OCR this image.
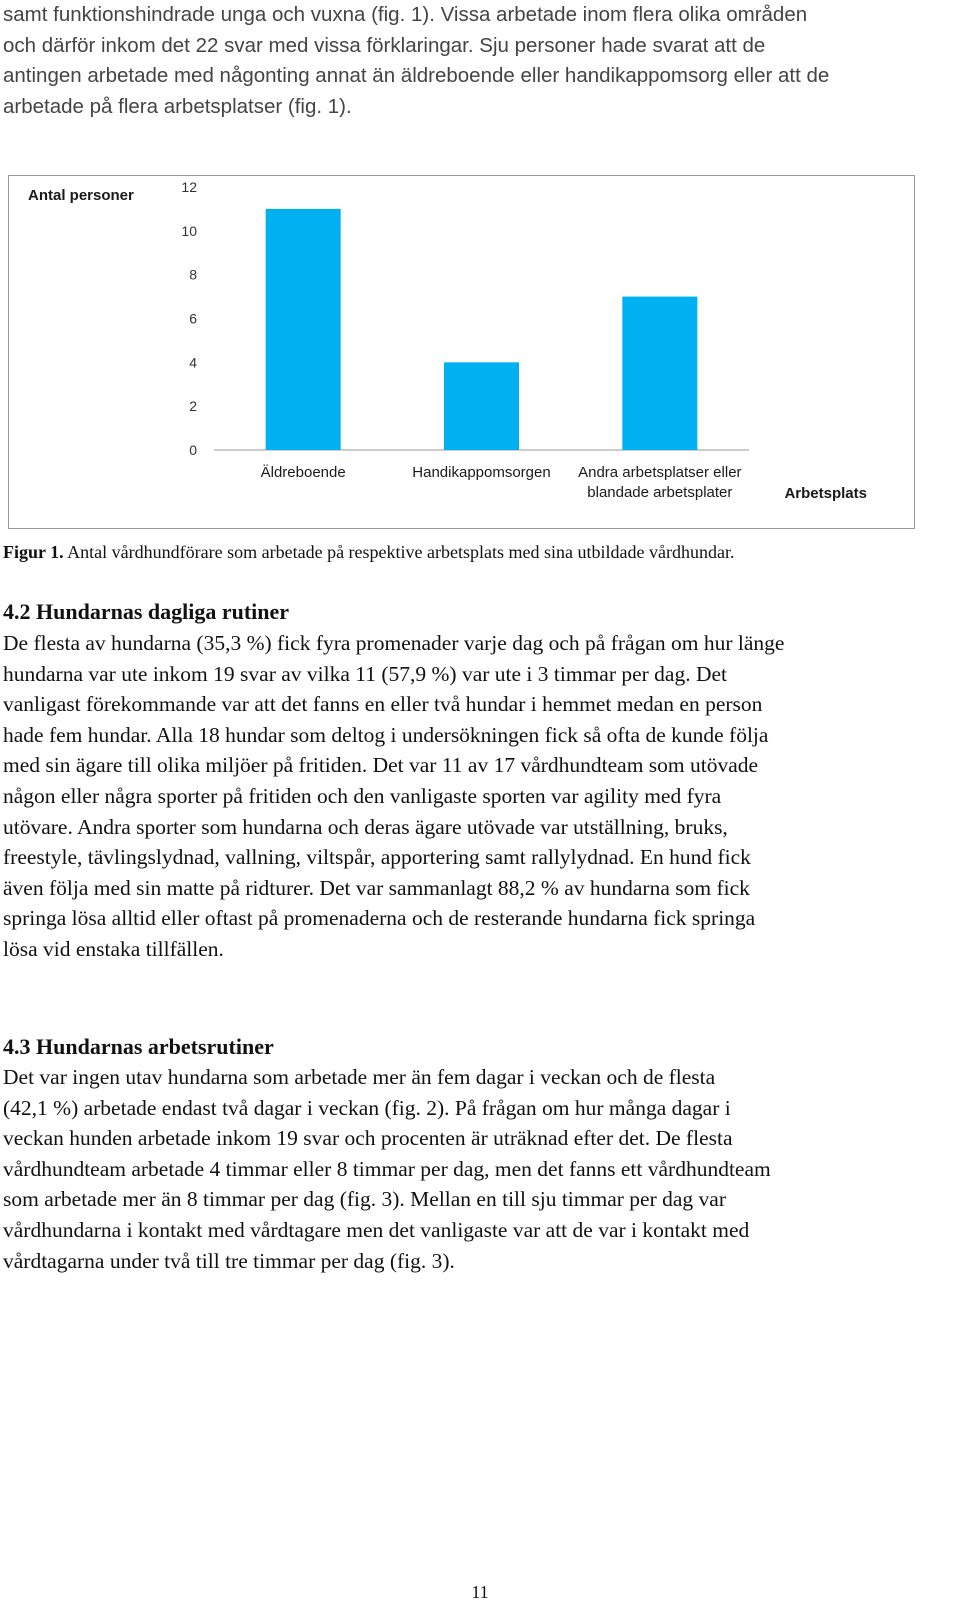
samt funktionshindrade unga och vuxna (fig. 1). Vissa arbetade inom flera olika områden
och därför inkom det 22 svar med vissa förklaringar. Sju personer hade svarat att de
antingen arbetade med någonting annat än äldreboende eller handikappomsorg eller att de
arbetade på flera arbetsplatser (fig. 1).
Antal personer
0
2
4
6
8
10
12
Äldreboende	Handikappomsorgen Andra arbetsplatser eller
blandade arbetsplater	Arbetsplats
Figur 1. Antal vårdhundförare som arbetade på respektive arbetsplats med sina utbildade vårdhundar.
4.2 Hundarnas dagliga rutiner
De flesta av hundarna (35,3 %) fick fyra promenader varje dag och på frågan om hur länge
hundarna var ute inkom 19 svar av vilka 11 (57,9 %) var ute i 3 timmar per dag. Det
vanligast förekommande var att det fanns en eller två hundar i hemmet medan en person
hade fem hundar. Alla 18 hundar som deltog i undersökningen fick så ofta de kunde följa
med sin ägare till olika miljöer på fritiden. Det var 11 av 17 vårdhundteam som utövade
någon eller några sporter på fritiden och den vanligaste sporten var agility med fyra
utövare. Andra sporter som hundarna och deras ägare utövade var utställning, bruks,
freestyle, tävlingslydnad, vallning, viltspår, apportering samt rallylydnad. En hund fick
även följa med sin matte på ridturer. Det var sammanlagt 88,2 % av hundarna som fick
springa lösa alltid eller oftast på promenaderna och de resterande hundarna fick springa
lösa vid enstaka tillfällen.
4.3 Hundarnas arbetsrutiner
Det var ingen utav hundarna som arbetade mer än fem dagar i veckan och de flesta
(42,1 %) arbetade endast två dagar i veckan (fig. 2). På frågan om hur många dagar i
veckan hunden arbetade inkom 19 svar och procenten är uträknad efter det. De flesta
vårdhundteam arbetade 4 timmar eller 8 timmar per dag, men det fanns ett vårdhundteam
som arbetade mer än 8 timmar per dag (fig. 3). Mellan en till sju timmar per dag var
vårdhundarna i kontakt med vårdtagare men det vanligaste var att de var i kontakt med
vårdtagarna under två till tre timmar per dag (fig. 3).
11
